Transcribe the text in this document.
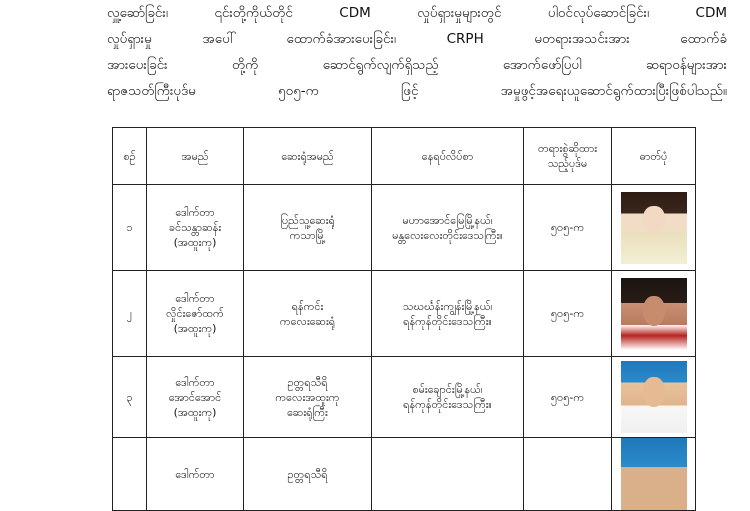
လှူ့ဆော်ခြင်း၊ ၎င်းတို့ကိုယ်တိုင် CDM လှုပ်ရှားမှုများတွင် ပါဝင်လုပ်ဆောင်ခြင်း၊ CDM

လှုပ်ရှားမှု အပေါ် ထောက်ခံအားပေးခြင်း၊ CRPH မတရားအသင်းအား ထောက်ခံ

အားပေးခြင်း တို့ကို ဆောင်ရွက်လျက်ရှိသည့် အောက်ဖော်ပြပါ ဆရာဝန်များအား

ရာဇသတ်ကြီးပုဒ်မ ၅၀၅-က ဖြင့် အမှုဖွင့်အရေးယူဆောင်ရွက်ထားပြီးဖြစ်ပါသည်။

စဉ်	အမည်	ဆေးရုံအမည်	နေရပ်လိပ်စာ	တရားစွဲဆိုထား
သည့်ပုဒ်မ	ဓာတ်ပုံ
၁	ဒေါက်တာ
ခင်သန္တာဆန်း
(အထူးကု)	ပြည်သူ့ဆေးရုံ
ကသာမြို့	မဟာအောင်မြေမြို့နယ်၊
မန္တလေးလေးတိုင်းဒေသကြီး။	၅၀၅-က	

၂	ဒေါက်တာ
လှိုင်းဇော်ထက်
(အထူးကု)	ရန်ကင်း
ကလေးဆေးရုံ	သဃင်္ဃန်းကျွန်းမြို့နယ်၊
ရန်ကုန်တိုင်းဒေသကြီး။	၅၀၅-က	

၃	ဒေါက်တာ
အောင်အောင်
(အထူးကု)	ဥတ္တရသီရိ
ကလေးအထူးကု
ဆေးရုံကြီး	စမ်းချောင်းမြို့နယ်၊
ရန်ကုန်တိုင်းဒေသကြီး။	၅၀၅-က	

	ဒေါက်တာ	ဥတ္တရသီရိ			
